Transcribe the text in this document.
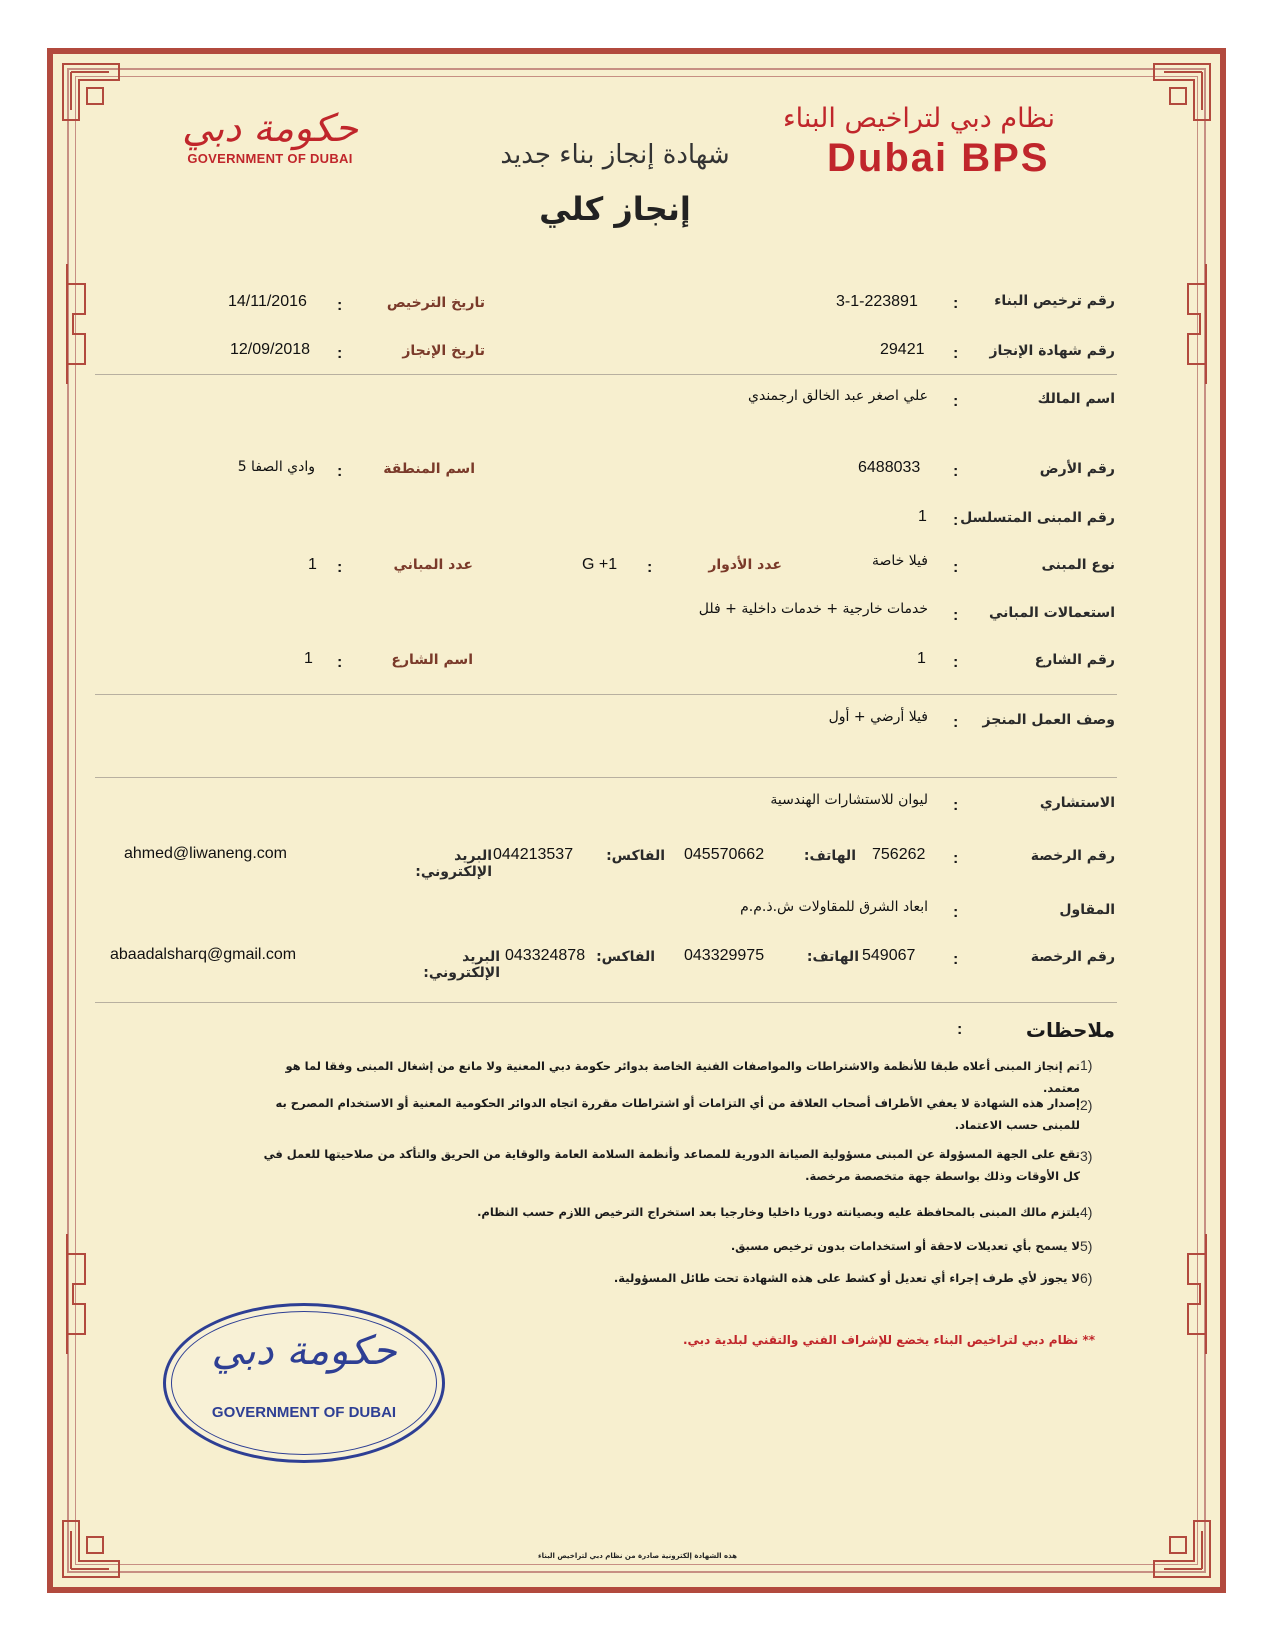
حكومة دبي
GOVERNMENT OF DUBAI
نظام دبي لتراخيص البناء
Dubai BPS
شهادة إنجاز بناء جديد
إنجاز كلي
رقم ترخيص البناء
:
3-1-223891
تاريخ الترخيص
:
14/11/2016
رقم شهادة الإنجاز
:
29421
تاريخ الإنجاز
:
12/09/2018
اسم المالك
:
علي اصغر عبد الخالق ارجمندي
رقم الأرض
:
6488033
اسم المنطقة
:
وادي الصفا 5
رقم المبنى المتسلسل
:
1
نوع المبنى
:
فيلا خاصة
عدد الأدوار
:
G +1
عدد المباني
:
1
استعمالات المباني
:
خدمات خارجية + خدمات داخلية + فلل
رقم الشارع
:
1
اسم الشارع
:
1
وصف العمل المنجز
:
فيلا أرضي + أول
الاستشاري
:
ليوان للاستشارات الهندسية
رقم الرخصة
:
756262
الهاتف:
045570662
الفاكس:
044213537
البريد الإلكتروني:
ahmed@liwaneng.com
المقاول
:
ابعاد الشرق للمقاولات ش.ذ.م.م
رقم الرخصة
:
549067
الهاتف:
043329975
الفاكس:
043324878
البريد الإلكتروني:
abaadalsharq@gmail.com
ملاحظات
:
1)
تم إنجاز المبنى أعلاه طبقا للأنظمة والاشتراطات والمواصفات الفنية الخاصة بدوائر حكومة دبي المعنية ولا مانع من إشغال المبنى وفقا لما هو معتمد.
2)
إصدار هذه الشهادة لا يعفي الأطراف أصحاب العلاقة من أي التزامات أو اشتراطات مقررة اتجاه الدوائر الحكومية المعنية أو الاستخدام المصرح به للمبنى حسب الاعتماد.
3)
تقع على الجهة المسؤولة عن المبنى مسؤولية الصيانة الدورية للمصاعد وأنظمة السلامة العامة والوقاية من الحريق والتأكد من صلاحيتها للعمل في كل الأوقات وذلك بواسطة جهة متخصصة مرخصة.
4)
يلتزم مالك المبنى بالمحافظة عليه وبصيانته دوريا داخليا وخارجيا بعد استخراج الترخيص اللازم حسب النظام.
5)
لا يسمح بأي تعديلات لاحقة أو استخدامات بدون ترخيص مسبق.
6)
لا يجوز لأي طرف إجراء أي تعديل أو كشط على هذه الشهادة تحت طائل المسؤولية.
** نظام دبي لتراخيص البناء يخضع للإشراف الفني والتقني لبلدية دبي.
حكومة دبي
GOVERNMENT OF DUBAI
هذه الشهادة إلكترونية صادرة من نظام دبي لتراخيص البناء
